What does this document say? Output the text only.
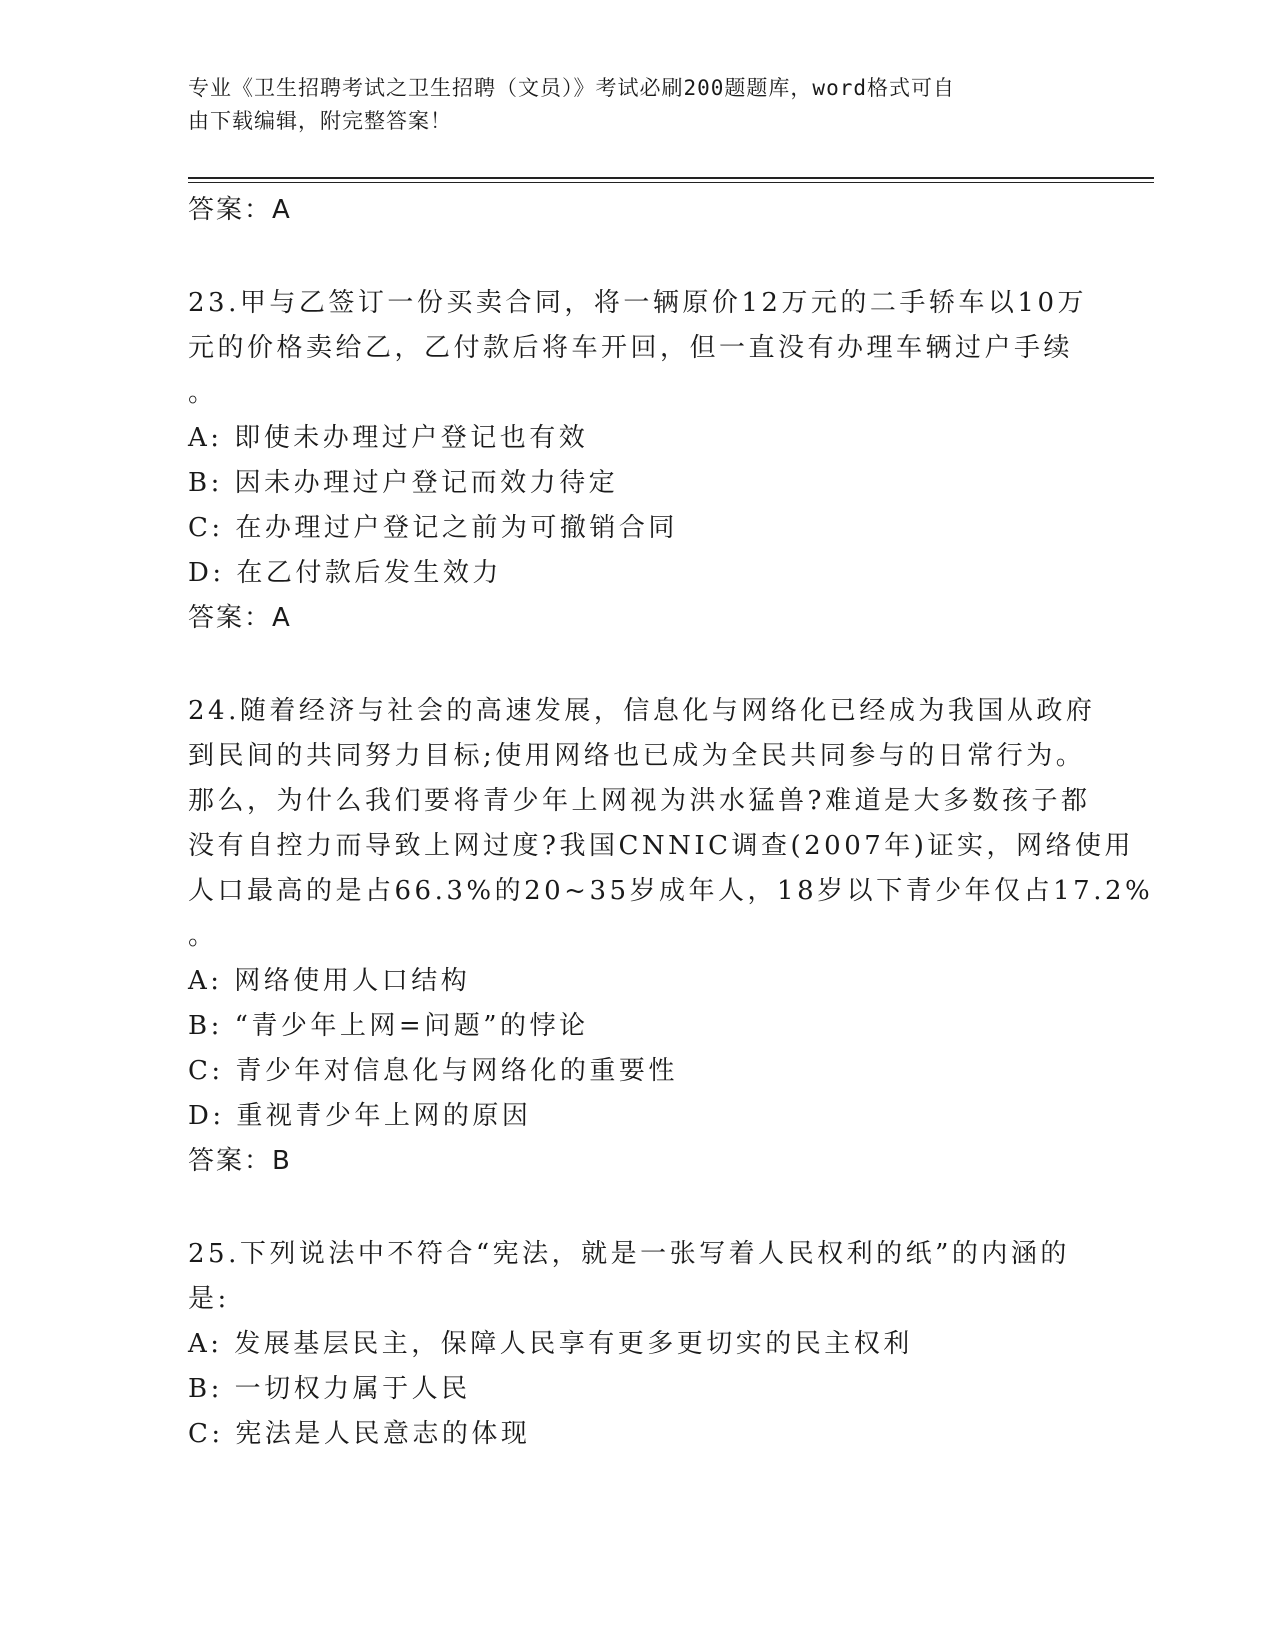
专业《卫生招聘考试之卫生招聘（文员）》考试必刷200题题库，word格式可自
由下载编辑，附完整答案！
答案：A
23.甲与乙签订一份买卖合同，将一辆原价12万元的二手轿车以10万
元的价格卖给乙，乙付款后将车开回，但一直没有办理车辆过户手续
。
A: 即使未办理过户登记也有效
B: 因未办理过户登记而效力待定
C: 在办理过户登记之前为可撤销合同
D: 在乙付款后发生效力
答案：A
24.随着经济与社会的高速发展，信息化与网络化已经成为我国从政府
到民间的共同努力目标;使用网络也已成为全民共同参与的日常行为。
那么，为什么我们要将青少年上网视为洪水猛兽?难道是大多数孩子都
没有自控力而导致上网过度?我国CNNIC调查(2007年)证实，网络使用
人口最高的是占66.3%的20~35岁成年人，18岁以下青少年仅占17.2%
。
A: 网络使用人口结构
B: “青少年上网=问题”的悖论
C: 青少年对信息化与网络化的重要性
D: 重视青少年上网的原因
答案：B
25.下列说法中不符合“宪法，就是一张写着人民权利的纸”的内涵的
是:
A: 发展基层民主，保障人民享有更多更切实的民主权利
B: 一切权力属于人民
C: 宪法是人民意志的体现
